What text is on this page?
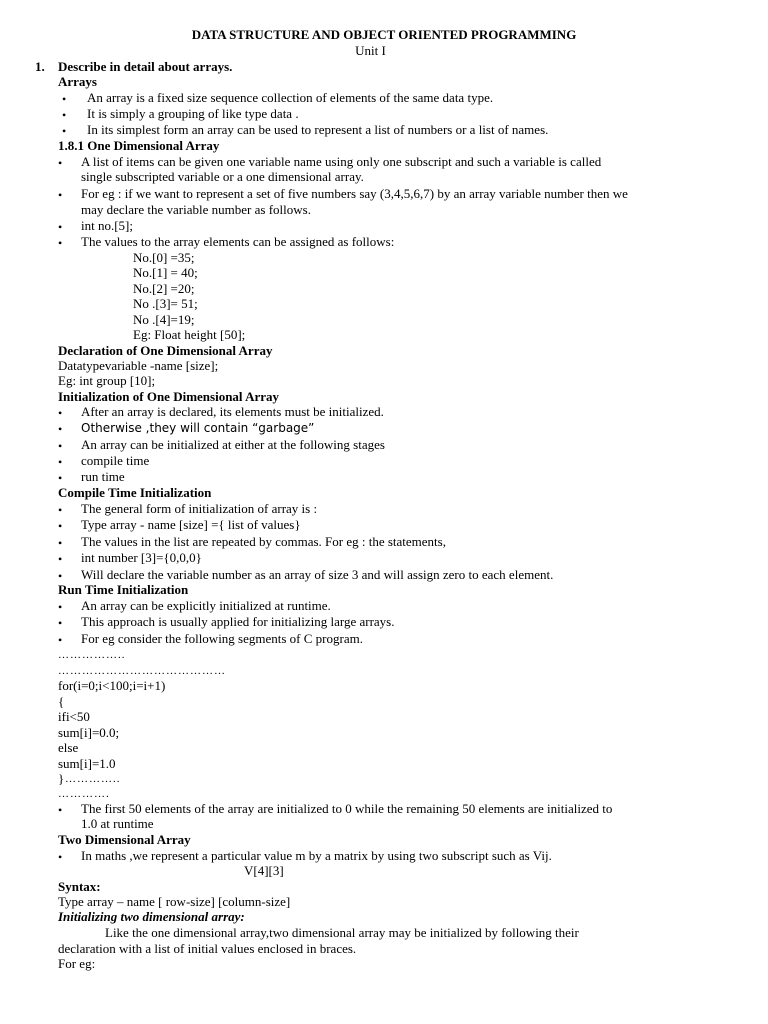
DATA STRUCTURE AND OBJECT ORIENTED PROGRAMMING
Unit I
1. Describe in detail about arrays.
Arrays
• An array is a fixed size sequence collection of elements of the same data type.
• It is simply a grouping of like type data .
• In its simplest form an array can be used to represent a list of numbers or a list of names.
1.8.1 One Dimensional Array
• A list of items can be given one variable name using only one subscript and such a variable is called
single subscripted variable or a one dimensional array.
• For eg : if we want to represent a set of five numbers say (3,4,5,6,7) by an array variable number then we
may declare the variable number as follows.
• int no.[5];
• The values to the array elements can be assigned as follows:
No.[0] =35;
No.[1] = 40;
No.[2] =20;
No .[3]= 51;
No .[4]=19;
Eg: Float height [50];
Declaration of One Dimensional Array
Datatypevariable -name [size];
Eg: int group [10];
Initialization of One Dimensional Array
• After an array is declared, its elements must be initialized.
• Otherwise ,they will contain “garbage”
• An array can be initialized at either at the following stages
• compile time
• run time
Compile Time Initialization
• The general form of initialization of array is :
• Type array - name [size] ={ list of values}
• The values in the list are repeated by commas. For eg : the statements,
• int number [3]={0,0,0}
• Will declare the variable number as an array of size 3 and will assign zero to each element.
Run Time Initialization
• An array can be explicitly initialized at runtime.
• This approach is usually applied for initializing large arrays.
• For eg consider the following segments of C program.
……………..
……………………………………
for(i=0;i<100;i=i+1)
{
ifi<50
sum[i]=0.0;
else
sum[i]=1.0
} …………..
………….
• The first 50 elements of the array are initialized to 0 while the remaining 50 elements are initialized to
1.0 at runtime
Two Dimensional Array
• In maths ,we represent a particular value m by a matrix by using two subscript such as Vij.
V[4][3]
Syntax:
Type array – name [ row-size] [column-size]
Initializing two dimensional array:
Like the one dimensional array,two dimensional array may be initialized by following their
declaration with a list of initial values enclosed in braces.
For eg:
